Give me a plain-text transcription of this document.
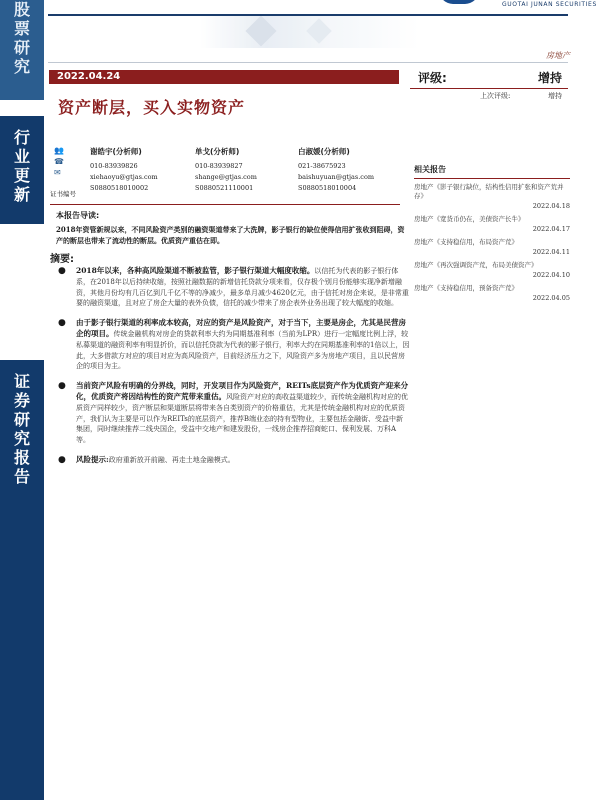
股
票
研
究
行
业
更
新
证
券
研
究
报
告
GUOTAI JUNAN SECURITIES
房地产
2022.04.24
资产断层，买入实物资产
评级:	增持
上次评级:	增持
👥
☎
✉
证书编号
谢皓宇(分析师)
010-83939826
xiehaoyu@gtjas.com
S0880518010002
单戈(分析师)
010-83939827
shange@gtjas.com
S0880521110001
白淑媛(分析师)
021-38675923
baishuyuan@gtjas.com
S0880518010004
相关报告
房地产《影子银行缺位，结构性信用扩张和资产荒并存》
2022.04.18
房地产《宽货币仍在，美债资产长牛》
2022.04.17
房地产《支持稳信用，布局资产荒》
2022.04.11
房地产《再次强调资产荒，布局美债资产》
2022.04.10
房地产《支持稳信用，预备资产荒》
2022.04.05
本报告导读:
2018年资管新规以来，不同风险资产类别的融资渠道带来了大洗牌，影子银行的缺位使得信用扩张收到阻碍，资产的断层也带来了流动性的断层。优质资产重估在即。
摘要:
● 2018年以来，各种高风险渠道不断被监管，影子银行渠道大幅度收缩。以信托为代表的影子银行体系，在2018年以后持续收缩，按照社融数据的新增信托贷款分项来看，仅存极个别月份能够实现净新增融资，其他月份均有几百亿到几千亿不等的净减少，最多单月减少4620亿元，由于信托对房企来说，是非常重要的融资渠道，且对应了房企大量的表外负债，信托的减少带来了房企表外业务出现了较大幅度的收缩。
● 由于影子银行渠道的利率成本较高，对应的资产是风险资产，对于当下，主要是房企，尤其是民营房企的项目。传统金融机构对房企的贷款利率大约为同期基准利率（当前为LPR）进行一定幅度比例上浮，较私募渠道的融资利率有明显折价，而以信托贷款为代表的影子银行，利率大约在同期基准利率的1倍以上，因此，大多借款方对应的项目对应为高风险资产，目前经济压力之下，风险资产多为房地产项目，且以民营房企的项目为主。
● 当前资产风险有明确的分界线，同时，开发项目作为风险资产，REITs底层资产作为优质资产迎来分化，优质资产将因结构性的资产荒带来重估。风险资产对应的高收益渠道较少，而传统金融机构对应的优质资产同样较少，资产断层和渠道断层将带来各自类别资产的价格重估，尤其是传统金融机构对应的优质资产，我们认为主要是可以作为REITs的底层资产，推荐B端业态的持有型物业，主要包括金融街、受益中新集团，同时继续推荐二线央国企，受益中交地产和建发股份，一线房企推荐招商蛇口、保利发展、万科A等。
● 风险提示:政府重新放开前融、再走土地金融模式。
